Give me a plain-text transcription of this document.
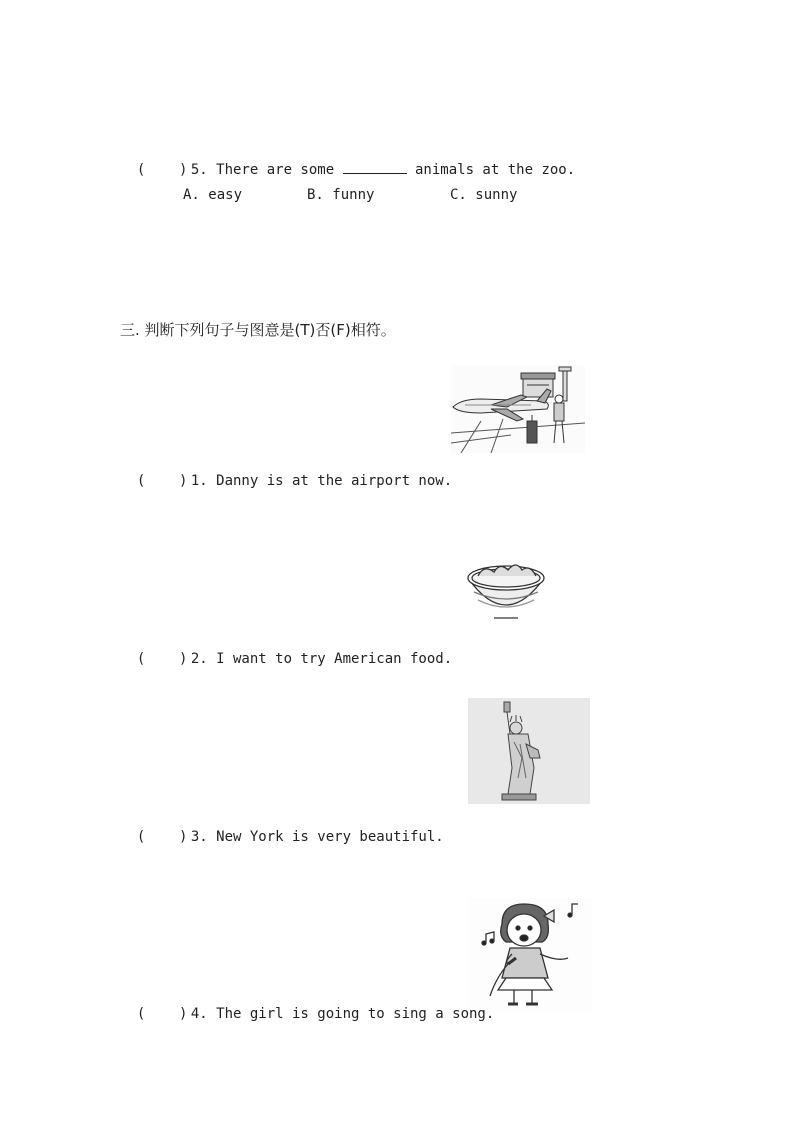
(    ) 5. There are some	animals at the zoo.

A. easy

	B. funny

	C. sunny

三. 判断下列句子与图意是(T)否(F)相符。

(    ) 1. Danny is at the airport now.

(    ) 2. I want to try American food.

(    ) 3. New York is very beautiful.

(    ) 4. The girl is going to sing a song.
